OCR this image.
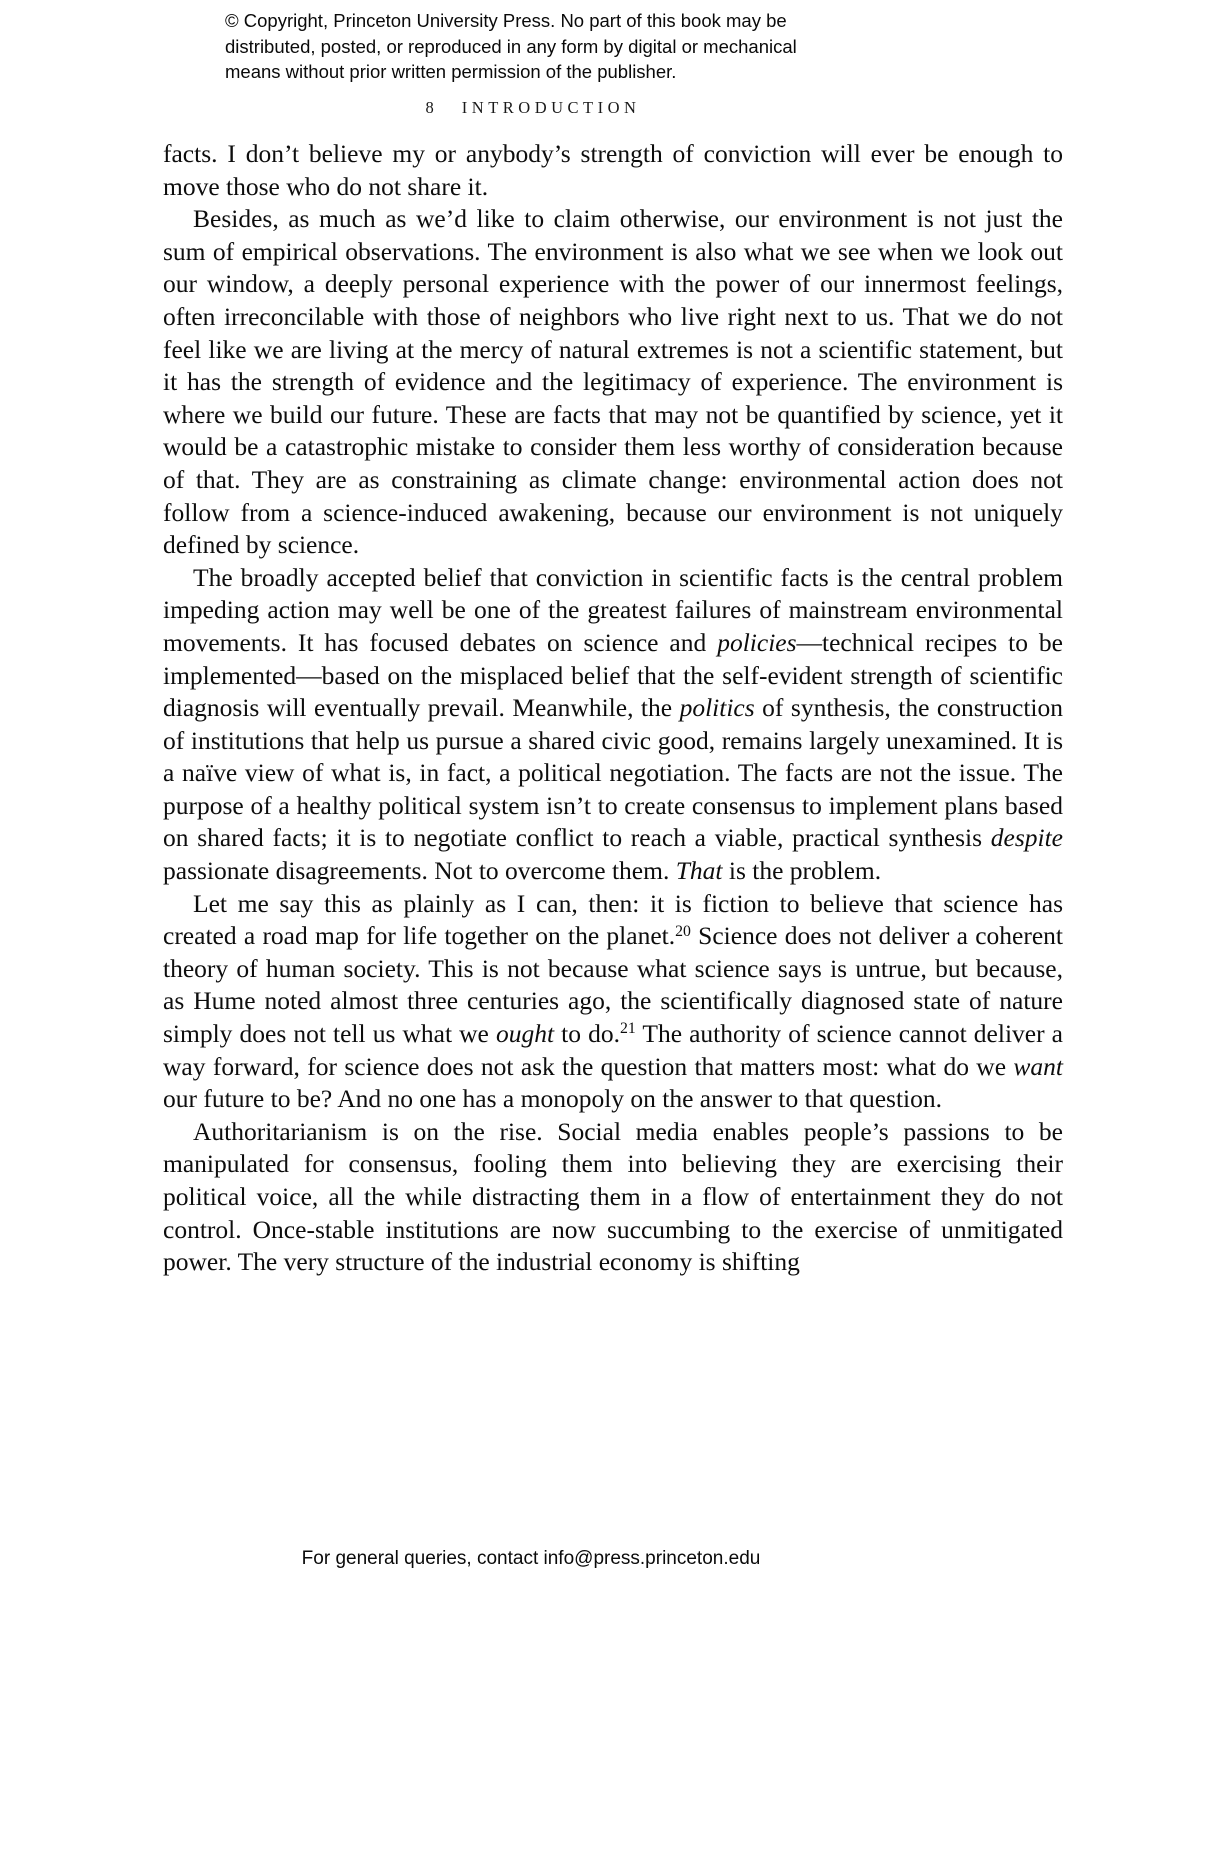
© Copyright, Princeton University Press. No part of this book may be
distributed, posted, or reproduced in any form by digital or mechanical
means without prior written permission of the publisher.
8 INTRODUCTION

facts. I don’t believe my or anybody’s strength of conviction will ever be enough to move those who do not share it.

Besides, as much as we’d like to claim otherwise, our environment is not just the sum of empirical observations. The environment is also what we see when we look out our window, a deeply personal experience with the power of our innermost feelings, often irreconcilable with those of neighbors who live right next to us. That we do not feel like we are living at the mercy of natural extremes is not a scientific statement, but it has the strength of evidence and the legitimacy of experience. The environment is where we build our future. These are facts that may not be quantified by science, yet it would be a catastrophic mistake to consider them less worthy of consideration because of that. They are as constraining as climate change: environmental action does not follow from a science-induced awakening, because our environment is not uniquely defined by science.

The broadly accepted belief that conviction in scientific facts is the central problem impeding action may well be one of the greatest failures of mainstream environmental movements. It has focused debates on science and policies—technical recipes to be implemented—based on the misplaced belief that the self-evident strength of scientific diagnosis will eventually prevail. Meanwhile, the politics of synthesis, the construction of institutions that help us pursue a shared civic good, remains largely unexamined. It is a naïve view of what is, in fact, a political negotiation. The facts are not the issue. The purpose of a healthy political system isn’t to create consensus to implement plans based on shared facts; it is to negotiate conflict to reach a viable, practical synthesis despite passionate disagreements. Not to overcome them. That is the problem.

Let me say this as plainly as I can, then: it is fiction to believe that science has created a road map for life together on the planet.$^{20}$ Science does not deliver a coherent theory of human society. This is not because what science says is untrue, but because, as Hume noted almost three centuries ago, the scientifically diagnosed state of nature simply does not tell us what we ought to do.$^{21}$ The authority of science cannot deliver a way forward, for science does not ask the question that matters most: what do we want our future to be? And no one has a monopoly on the answer to that question.

Authoritarianism is on the rise. Social media enables people’s passions to be manipulated for consensus, fooling them into believing they are exercising their political voice, all the while distracting them in a flow of entertainment they do not control. Once-stable institutions are now succumbing to the exercise of unmitigated power. The very structure of the industrial economy is shifting

For general queries, contact info@press.princeton.edu
